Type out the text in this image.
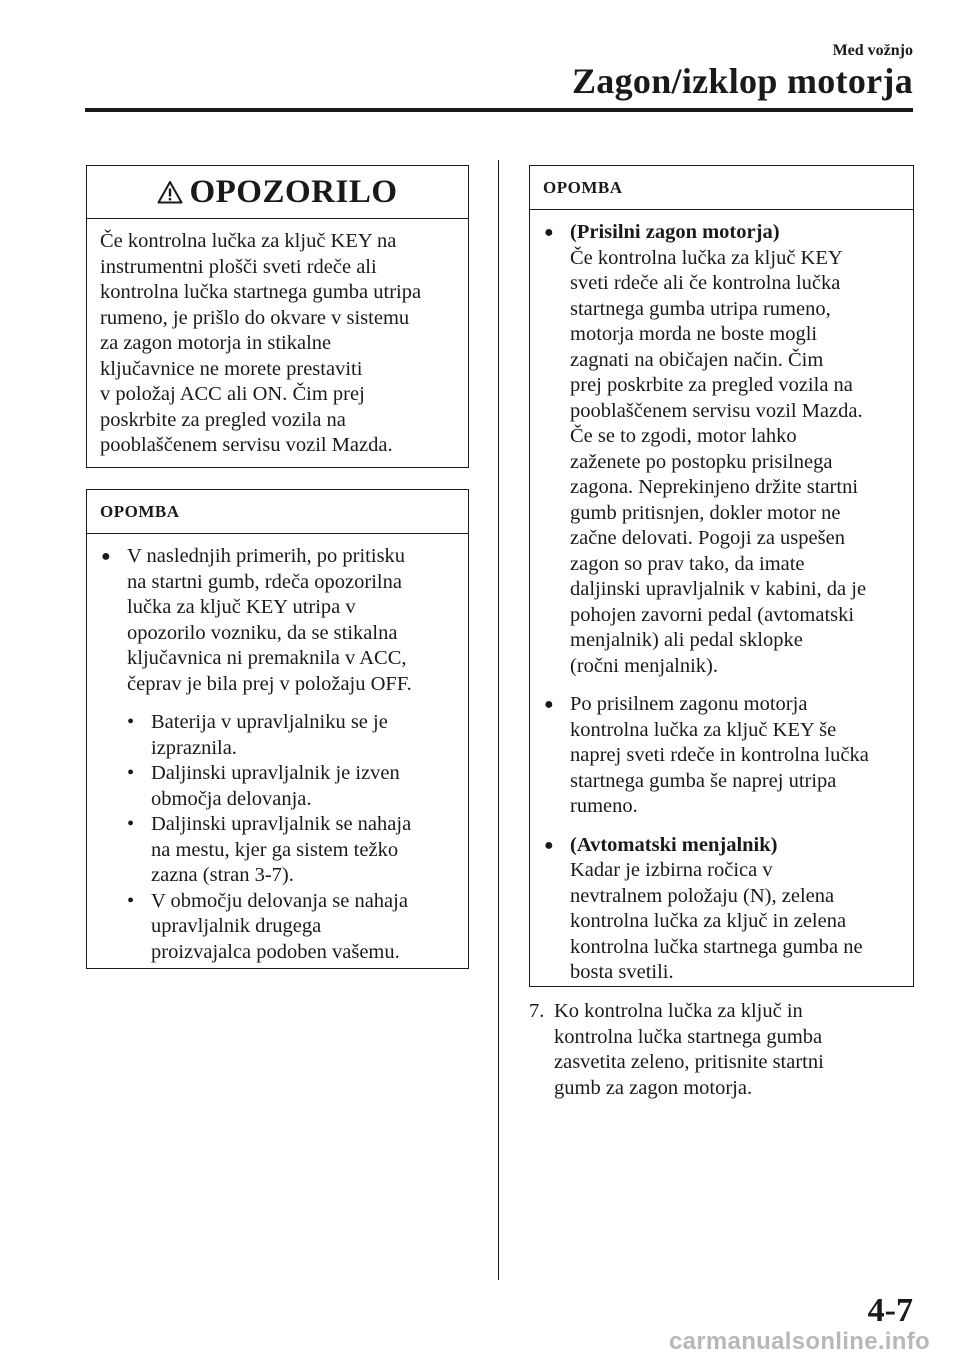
Med vožnjo
Zagon/izklop motorja
OPOZORILO
Če kontrolna lučka za ključ KEY na
instrumentni plošči sveti rdeče ali
kontrolna lučka startnega gumba utripa
rumeno, je prišlo do okvare v sistemu
za zagon motorja in stikalne
ključavnice ne morete prestaviti
v položaj ACC ali ON. Čim prej
poskrbite za pregled vozila na
pooblaščenem servisu vozil Mazda.
OPOMBA
● V naslednjih primerih, po pritisku
na startni gumb, rdeča opozorilna
lučka za ključ KEY utripa v
opozorilo vozniku, da se stikalna
ključavnica ni premaknila v ACC,
čeprav je bila prej v položaju OFF.
• Baterija v upravljalniku se je
izpraznila.
• Daljinski upravljalnik je izven
območja delovanja.
• Daljinski upravljalnik se nahaja
na mestu, kjer ga sistem težko
zazna (stran 3-7).
• V območju delovanja se nahaja
upravljalnik drugega
proizvajalca podoben vašemu.
OPOMBA
● (Prisilni zagon motorja)
Če kontrolna lučka za ključ KEY
sveti rdeče ali če kontrolna lučka
startnega gumba utripa rumeno,
motorja morda ne boste mogli
zagnati na običajen način. Čim
prej poskrbite za pregled vozila na
pooblaščenem servisu vozil Mazda.
Če se to zgodi, motor lahko
zaženete po postopku prisilnega
zagona. Neprekinjeno držite startni
gumb pritisnjen, dokler motor ne
začne delovati. Pogoji za uspešen
zagon so prav tako, da imate
daljinski upravljalnik v kabini, da je
pohojen zavorni pedal (avtomatski
menjalnik) ali pedal sklopke
(ročni menjalnik).
● Po prisilnem zagonu motorja
kontrolna lučka za ključ KEY še
naprej sveti rdeče in kontrolna lučka
startnega gumba še naprej utripa
rumeno.
● (Avtomatski menjalnik)
Kadar je izbirna ročica v
nevtralnem položaju (N), zelena
kontrolna lučka za ključ in zelena
kontrolna lučka startnega gumba ne
bosta svetili.
7. Ko kontrolna lučka za ključ in
kontrolna lučka startnega gumba
zasvetita zeleno, pritisnite startni
gumb za zagon motorja.
4-7
carmanualsonline.info
